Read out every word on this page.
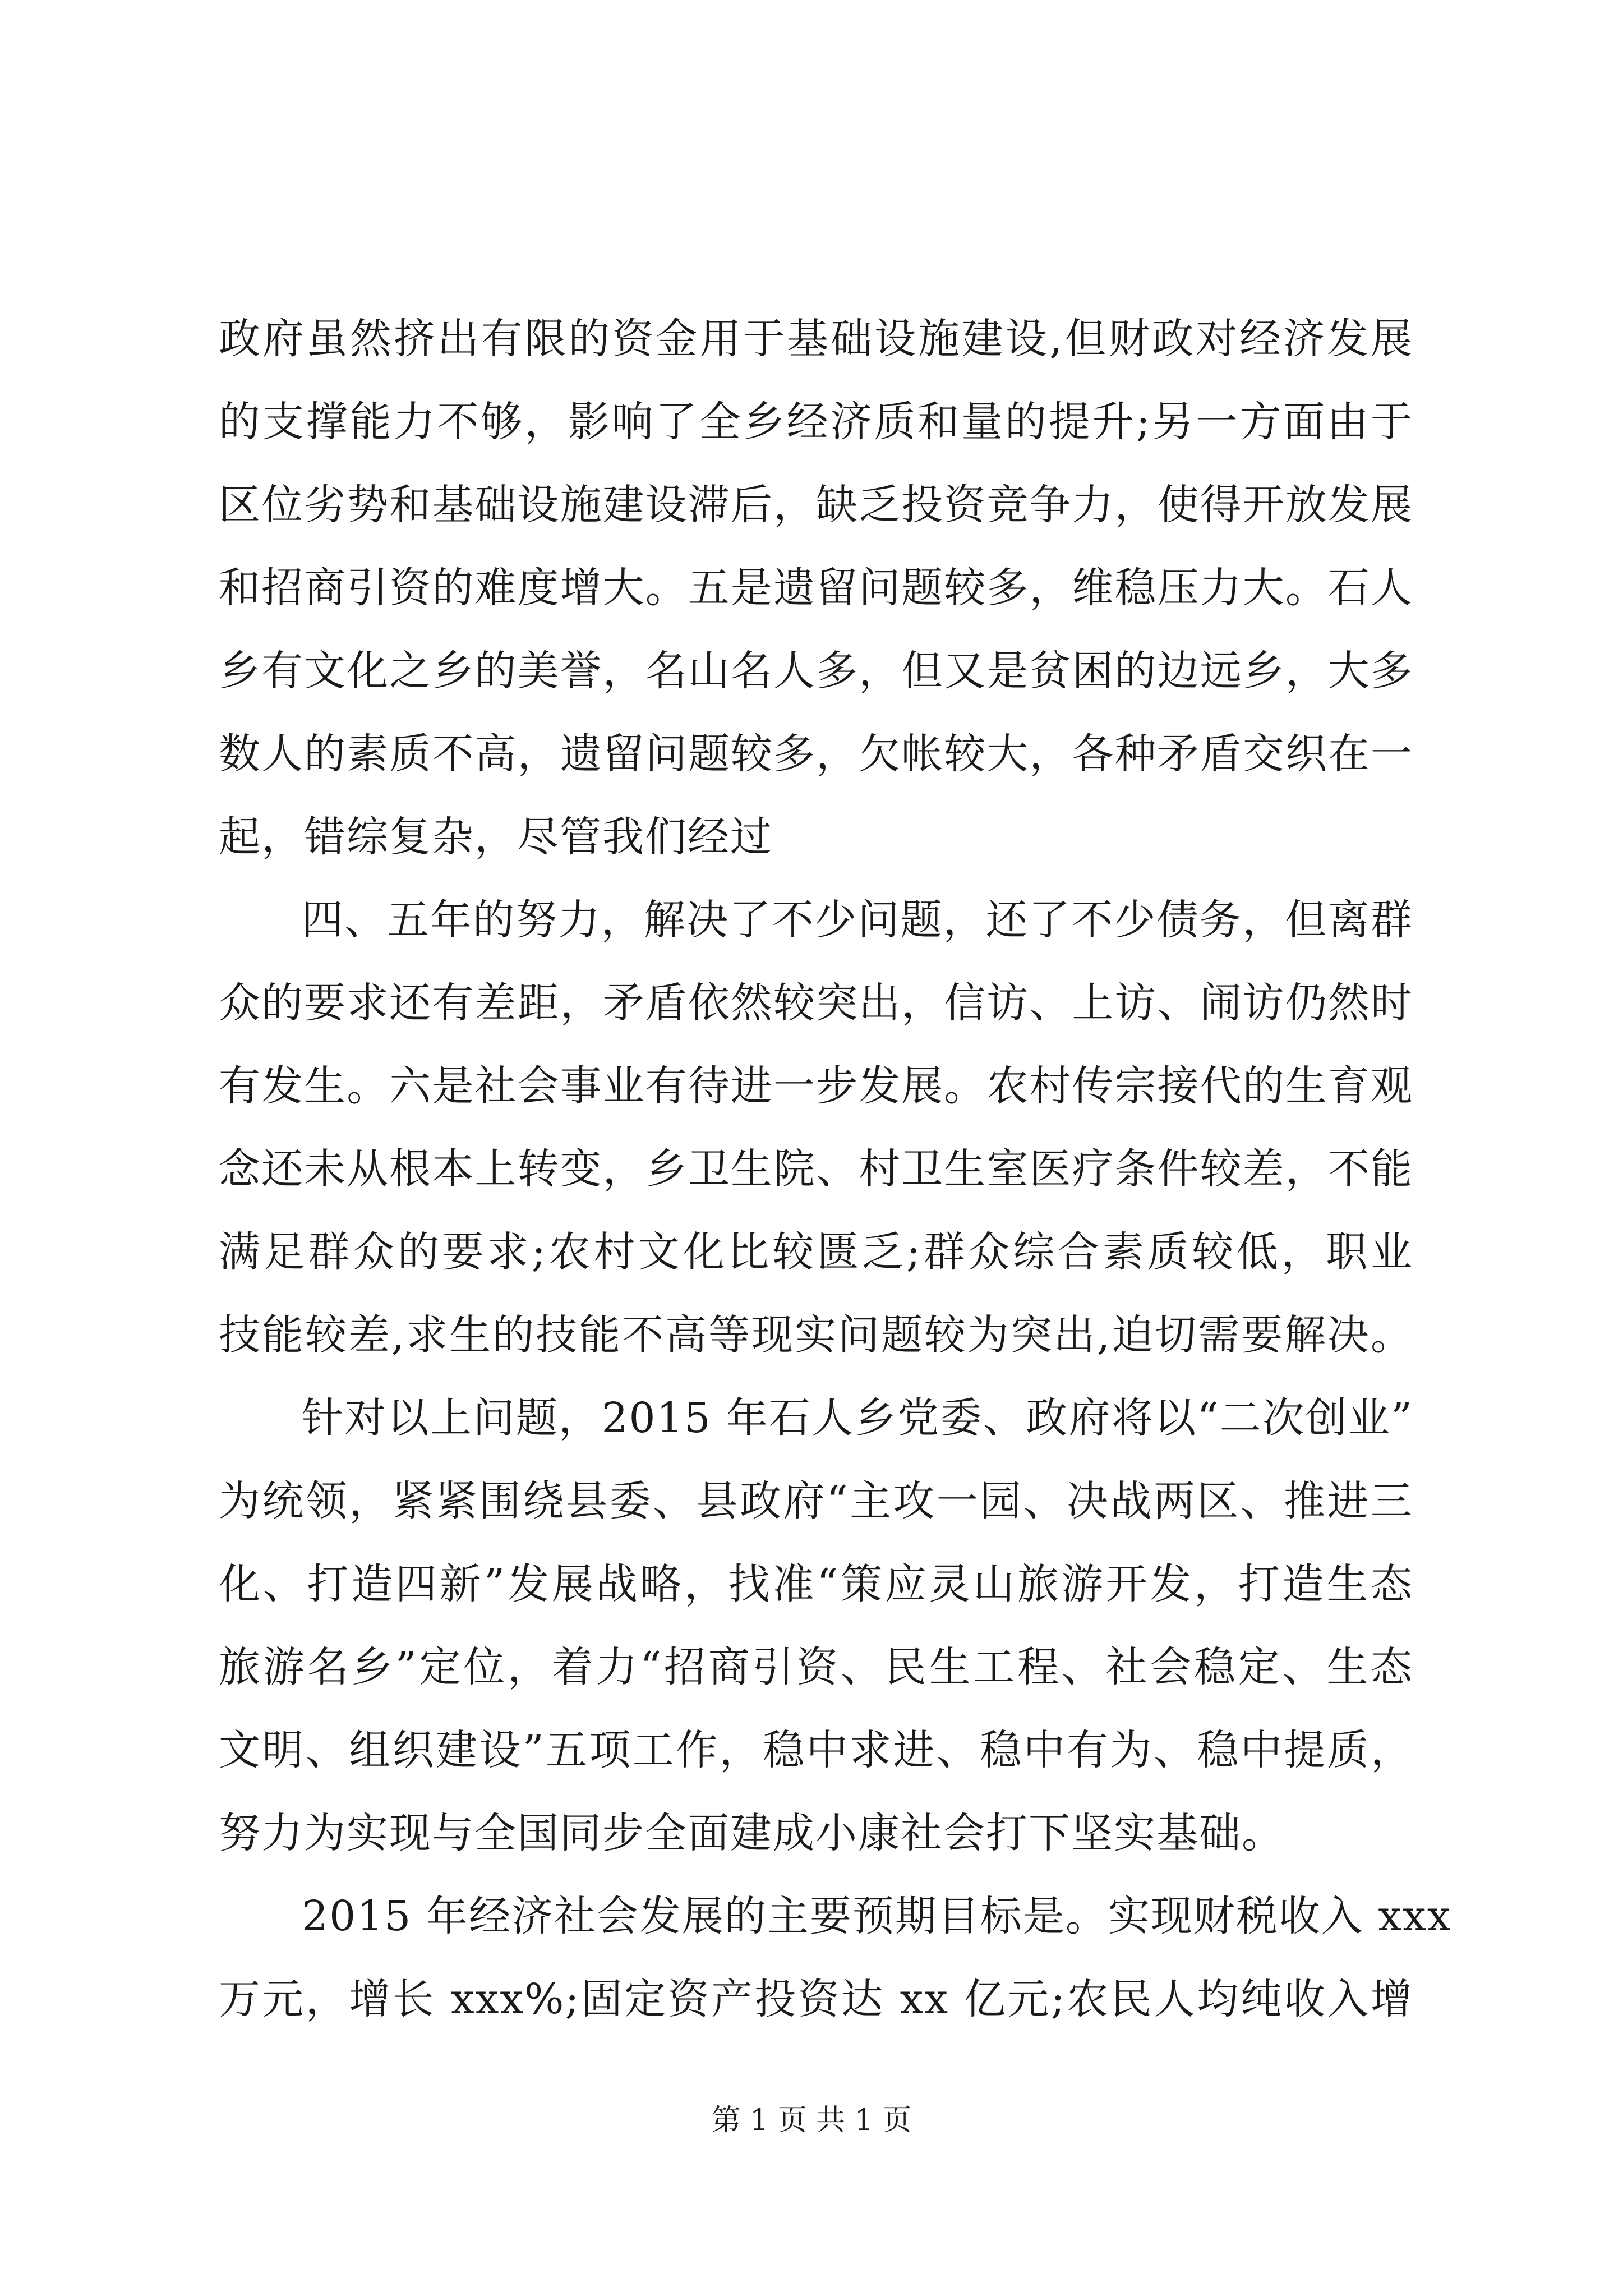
政府虽然挤出有限的资金用于基础设施建设,但财政对经济发展
的支撑能力不够，影响了全乡经济质和量的提升;另一方面由于
区位劣势和基础设施建设滞后，缺乏投资竞争力，使得开放发展
和招商引资的难度增大。五是遗留问题较多，维稳压力大。石人
乡有文化之乡的美誉，名山名人多，但又是贫困的边远乡，大多
数人的素质不高，遗留问题较多，欠帐较大，各种矛盾交织在一
起，错综复杂，尽管我们经过
四、五年的努力，解决了不少问题，还了不少债务，但离群
众的要求还有差距，矛盾依然较突出，信访、上访、闹访仍然时
有发生。六是社会事业有待进一步发展。农村传宗接代的生育观
念还未从根本上转变，乡卫生院、村卫生室医疗条件较差，不能
满足群众的要求;农村文化比较匮乏;群众综合素质较低，职业
技能较差,求生的技能不高等现实问题较为突出,迫切需要解决。
针对以上问题，2015 年石人乡党委、政府将以“二次创业”
为统领，紧紧围绕县委、县政府“主攻一园、决战两区、推进三
化、打造四新”发展战略，找准“策应灵山旅游开发，打造生态
旅游名乡”定位，着力“招商引资、民生工程、社会稳定、生态
文明、组织建设”五项工作，稳中求进、稳中有为、稳中提质，
努力为实现与全国同步全面建成小康社会打下坚实基础。
2015 年经济社会发展的主要预期目标是。实现财税收入 xxx
万元，增长 xxx%;固定资产投资达 xx 亿元;农民人均纯收入增
第 1 页 共 1 页
